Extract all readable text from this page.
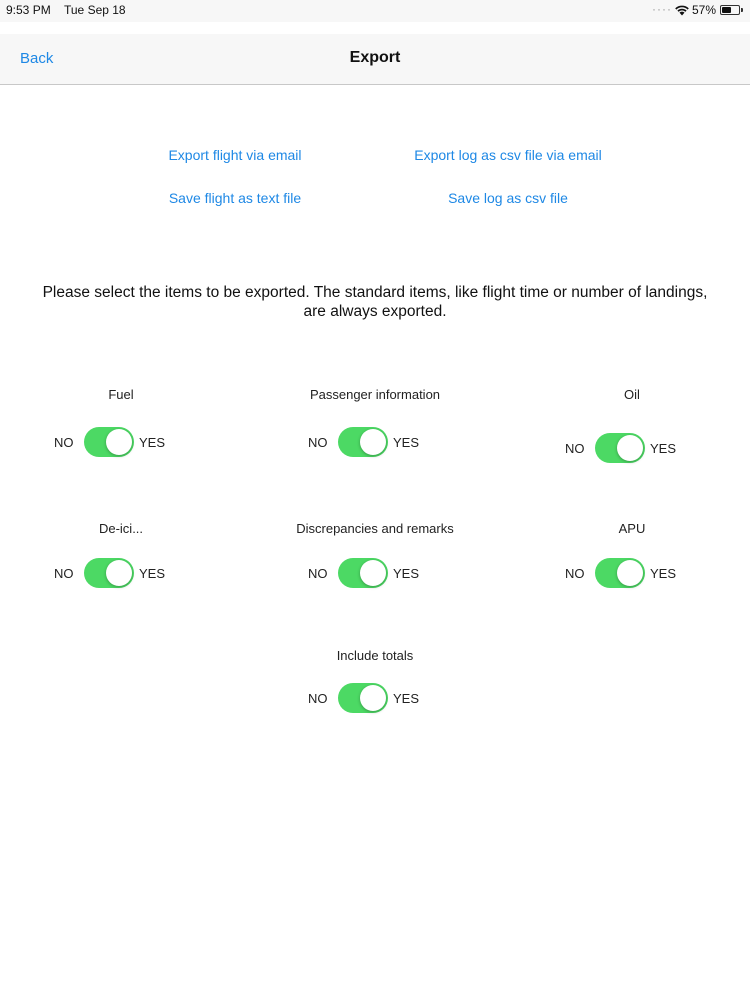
9:53 PM Tue Sep 18	···· 57%
Back	Export
Export flight via email	Export log as csv file via email
Save flight as text file	Save log as csv file
Please select the items to be exported. The standard items, like flight time or number of landings, are always exported.
Fuel
NO	YES
Passenger information
NO	YES
Oil
NO	YES
De-ici...
NO	YES
Discrepancies and remarks
NO	YES
APU
NO	YES
Include totals
NO	YES
